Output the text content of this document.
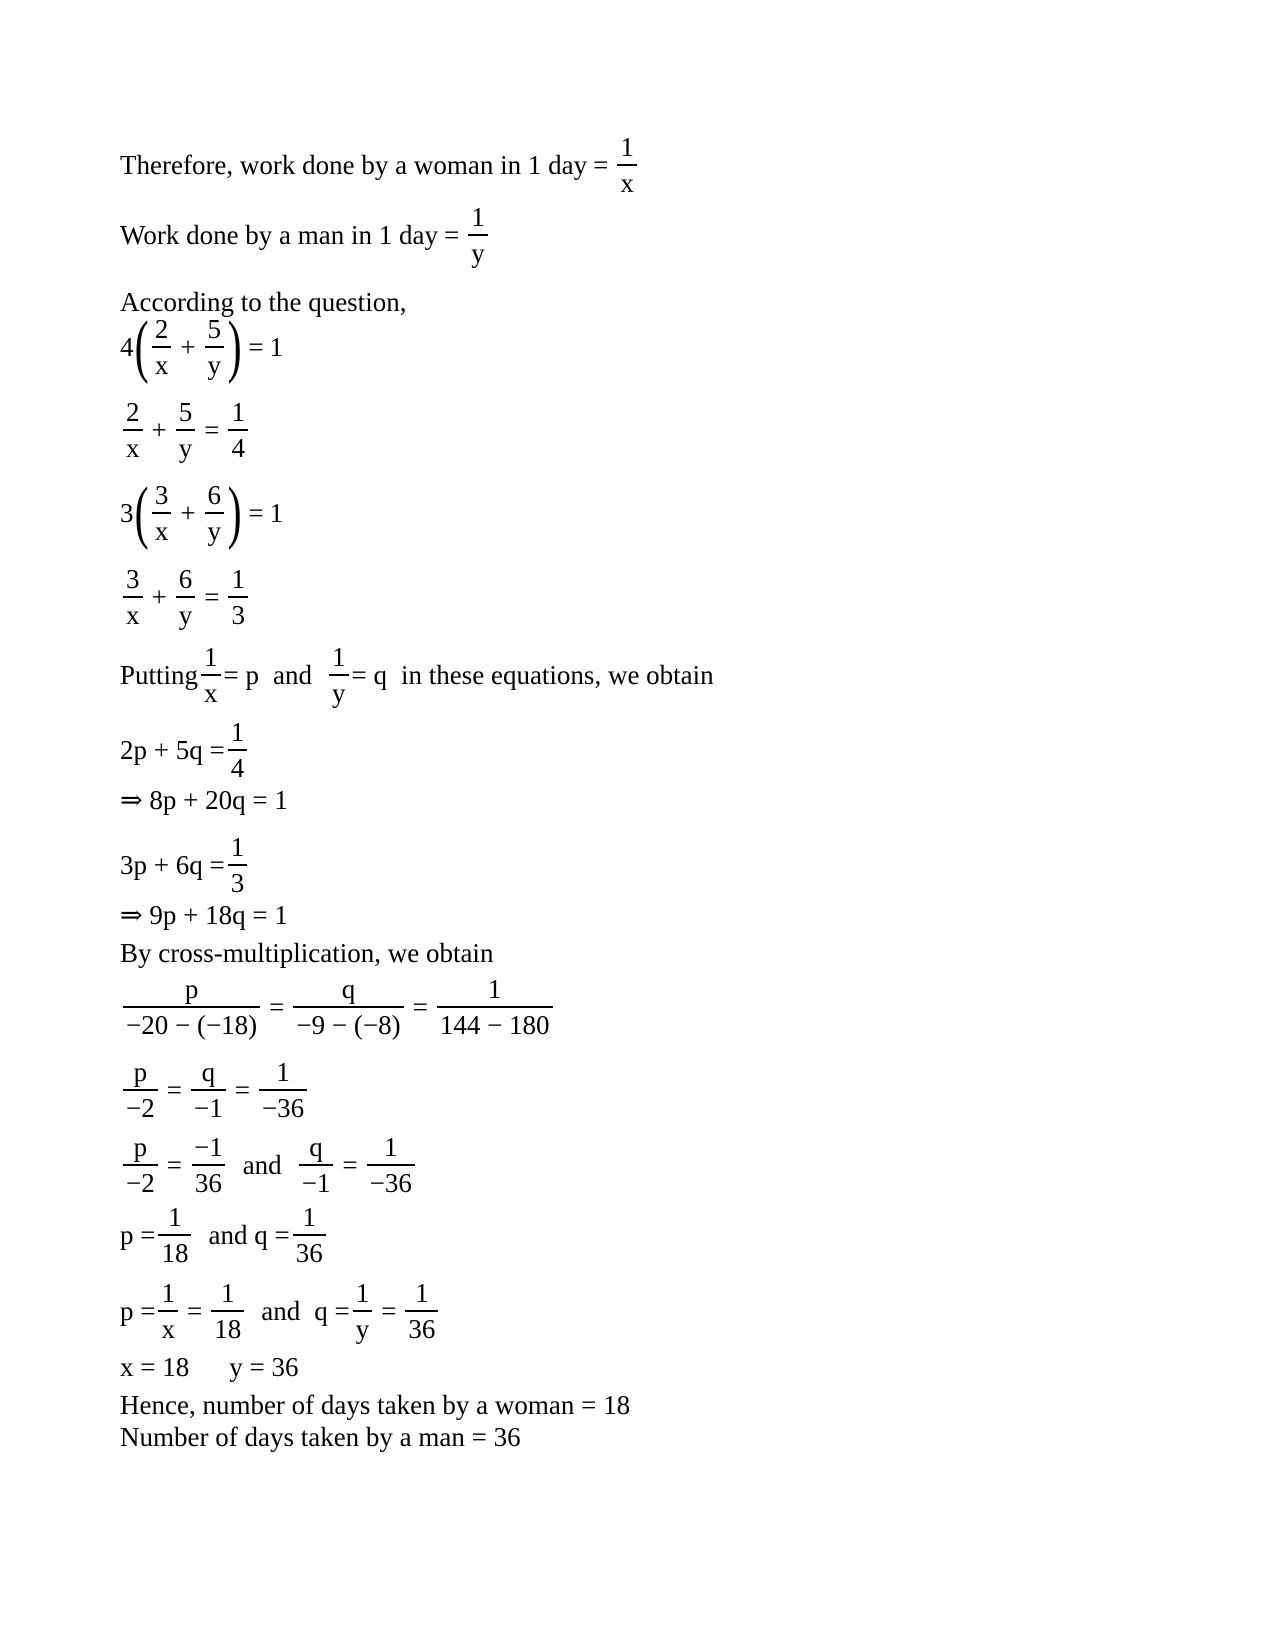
Therefore, work done by a woman in 1 day = $\frac{1}{x}$
Work done by a man in 1 day = $\frac{1}{y}$
According to the question,
4 ( $\frac{2}{x} + \frac{5}{y}$ ) = 1
$\frac{2}{x} + \frac{5}{y} = \frac{1}{4}$
3 ( $\frac{3}{x} + \frac{6}{y}$ ) = 1
$\frac{3}{x} + \frac{6}{y} = \frac{1}{3}$
Putting $\frac{1}{x} = p$ and $\frac{1}{y} = q$ in these equations, we obtain
$2p + 5q = \frac{1}{4}$
⇒ 8p + 20q = 1
$3p + 6q = \frac{1}{3}$
⇒ 9p + 18q = 1
By cross-multiplication, we obtain
$\frac{p}{-20 - (-18)} = \frac{q}{-9 - (-8)} = \frac{1}{144 - 180}$
$\frac{p}{-2} = \frac{q}{-1} = \frac{1}{-36}$
$\frac{p}{-2} = \frac{-1}{36}$ and $\frac{q}{-1} = \frac{1}{-36}$
$p = \frac{1}{18}$ and $q = \frac{1}{36}$
$p = \frac{1}{x} = \frac{1}{18}$ and $q = \frac{1}{y} = \frac{1}{36}$
x = 18 y = 36
Hence, number of days taken by a woman = 18
Number of days taken by a man = 36
